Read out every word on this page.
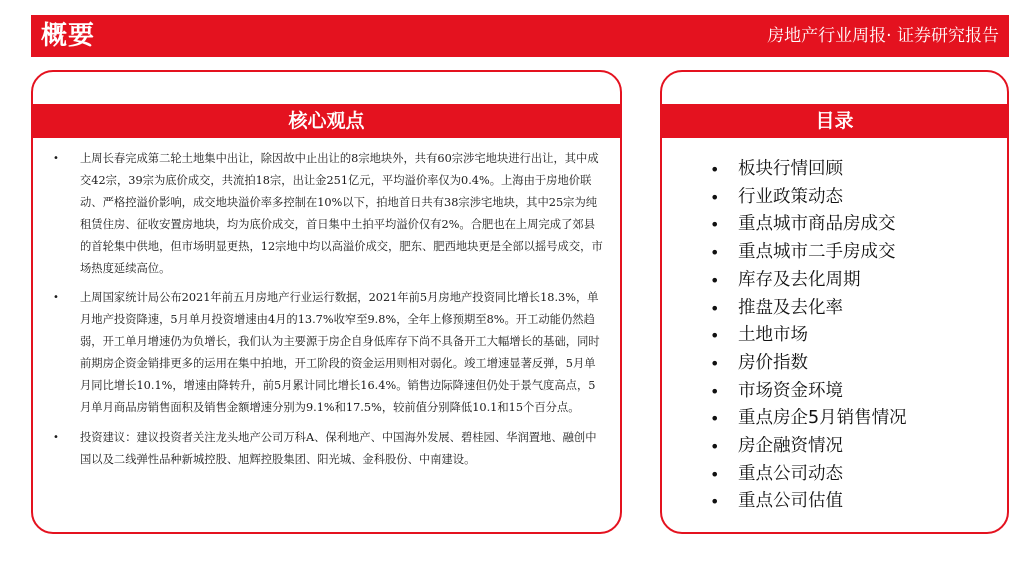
概要	房地产行业周报· 证券研究报告
核心观点
• 上周长春完成第二轮土地集中出让，除因故中止出让的8宗地块外，共有60宗涉宅地块进行出让，其中成交42宗，39宗为底价成交，共流拍18宗，出让金251亿元，平均溢价率仅为0.4%。上海由于房地价联动、严格控溢价影响，成交地块溢价率多控制在10%以下，拍地首日共有38宗涉宅地块，其中25宗为纯租赁住房、征收安置房地块，均为底价成交，首日集中土拍平均溢价仅有2%。合肥也在上周完成了郊县的首轮集中供地，但市场明显更热，12宗地中均以高溢价成交，肥东、肥西地块更是全部以摇号成交，市场热度延续高位。
• 上周国家统计局公布2021年前五月房地产行业运行数据，2021年前5月房地产投资同比增长18.3%，单月地产投资降速，5月单月投资增速由4月的13.7%收窄至9.8%，全年上修预期至8%。开工动能仍然趋弱，开工单月增速仍为负增长，我们认为主要源于房企自身低库存下尚不具备开工大幅增长的基础，同时前期房企资金销排更多的运用在集中拍地，开工阶段的资金运用则相对弱化。竣工增速显著反弹，5月单月同比增长10.1%，增速由降转升，前5月累计同比增长16.4%。销售边际降速但仍处于景气度高点，5月单月商品房销售面积及销售金额增速分别为9.1%和17.5%，较前值分别降低10.1和15个百分点。
• 投资建议：建议投资者关注龙头地产公司万科A、保利地产、中国海外发展、碧桂园、华润置地、融创中国以及二线弹性品种新城控股、旭辉控股集团、阳光城、金科股份、中南建设。
目录
• 板块行情回顾
• 行业政策动态
• 重点城市商品房成交
• 重点城市二手房成交
• 库存及去化周期
• 推盘及去化率
• 土地市场
• 房价指数
• 市场资金环境
• 重点房企5月销售情况
• 房企融资情况
• 重点公司动态
• 重点公司估值
